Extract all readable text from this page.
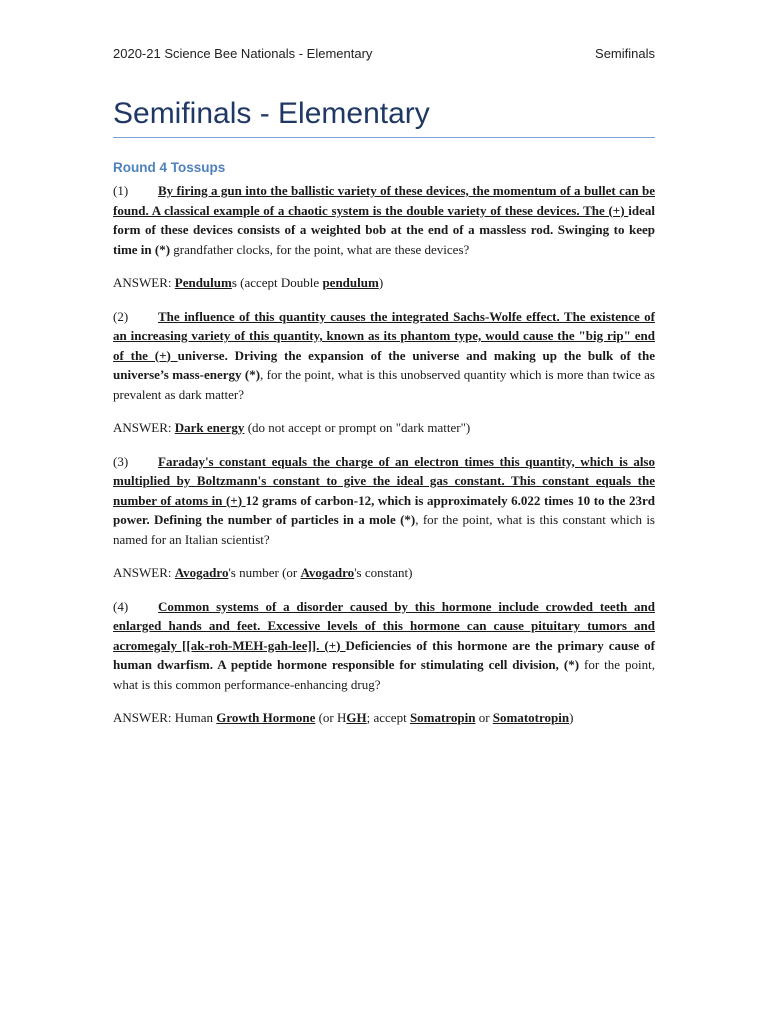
2020-21 Science Bee Nationals - Elementary	Semifinals
Semifinals - Elementary
Round 4 Tossups

(1) By firing a gun into the ballistic variety of these devices, the momentum of a bullet can be found. A classical example of a chaotic system is the double variety of these devices. The (+) ideal form of these devices consists of a weighted bob at the end of a massless rod. Swinging to keep time in (*) grandfather clocks, for the point, what are these devices?

ANSWER: Pendulums (accept Double pendulum)

(2) The influence of this quantity causes the integrated Sachs-Wolfe effect. The existence of an increasing variety of this quantity, known as its phantom type, would cause the "big rip" end of the (+) universe. Driving the expansion of the universe and making up the bulk of the universe’s mass-energy (*), for the point, what is this unobserved quantity which is more than twice as prevalent as dark matter?

ANSWER: Dark energy (do not accept or prompt on "dark matter")

(3) Faraday's constant equals the charge of an electron times this quantity, which is also multiplied by Boltzmann's constant to give the ideal gas constant. This constant equals the number of atoms in (+) 12 grams of carbon-12, which is approximately 6.022 times 10 to the 23rd power. Defining the number of particles in a mole (*), for the point, what is this constant which is named for an Italian scientist?

ANSWER: Avogadro's number (or Avogadro's constant)

(4) Common systems of a disorder caused by this hormone include crowded teeth and enlarged hands and feet. Excessive levels of this hormone can cause pituitary tumors and acromegaly [[ak-roh-MEH-gah-lee]]. (+) Deficiencies of this hormone are the primary cause of human dwarfism. A peptide hormone responsible for stimulating cell division, (*) for the point, what is this common performance-enhancing drug?

ANSWER: Human Growth Hormone (or HGH; accept Somatropin or Somatotropin)
